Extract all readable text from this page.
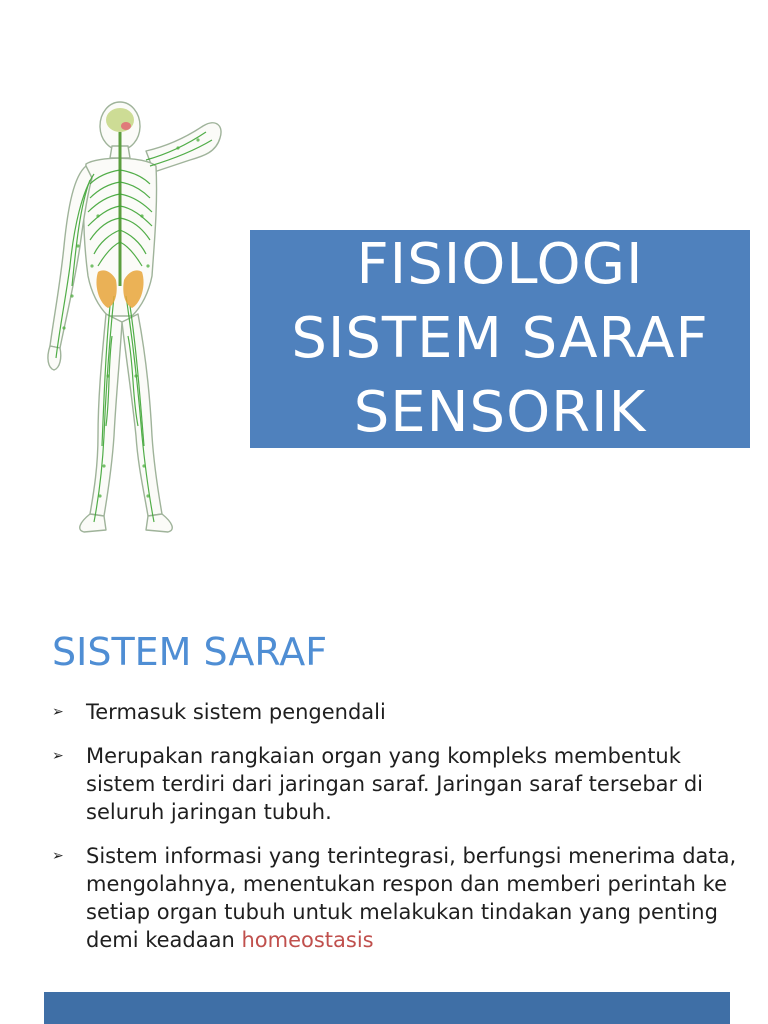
FISIOLOGI
SISTEM SARAF
SENSORIK
SISTEM SARAF
➢ Termasuk sistem pengendali
➢ Merupakan rangkaian organ yang kompleks membentuk sistem terdiri dari jaringan saraf. Jaringan saraf tersebar di seluruh jaringan tubuh.
➢ Sistem informasi yang terintegrasi, berfungsi menerima data, mengolahnya, menentukan respon dan memberi perintah ke setiap organ tubuh untuk melakukan tindakan yang penting demi keadaan homeostasis
